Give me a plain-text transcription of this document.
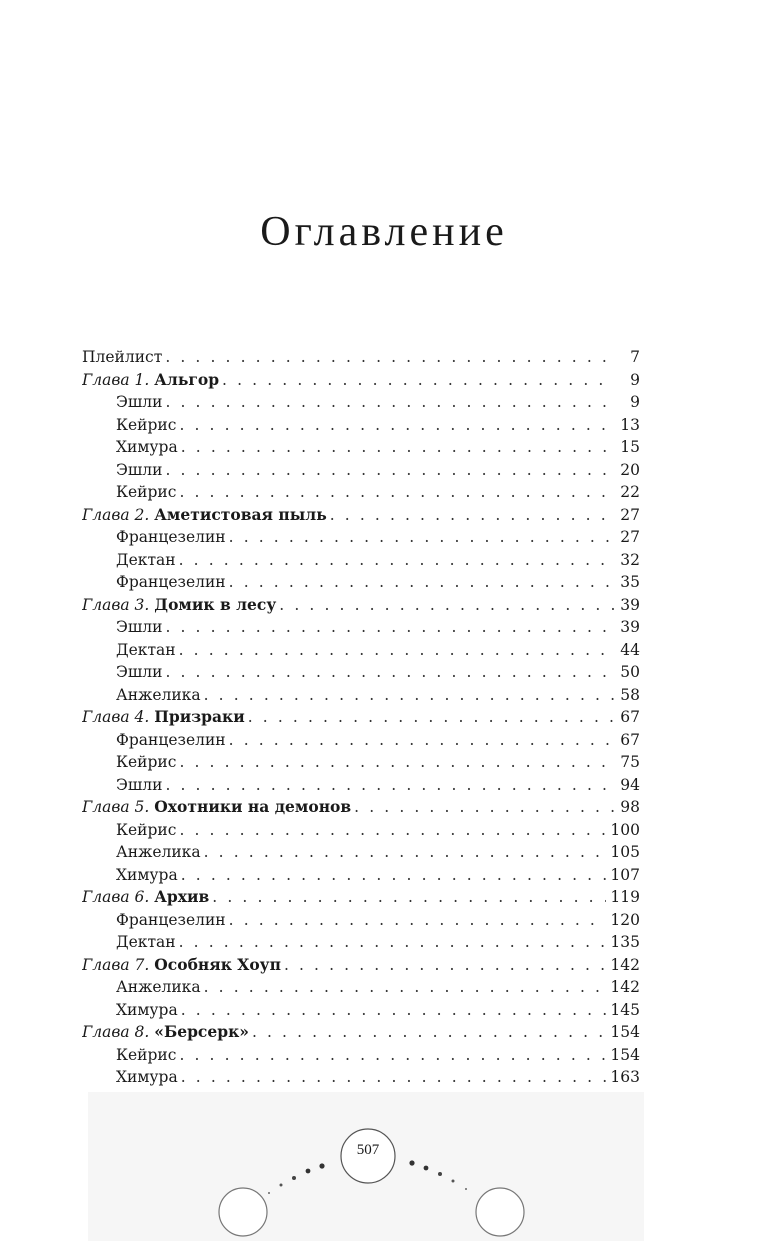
Оглавление
Плейлист . . .	7
Глава 1. Альгор . . .	9
Эшли . . .	9
Кейрис . . .	13
Химура . . .	15
Эшли . . .	20
Кейрис . . .	22
Глава 2. Аметистовая пыль . . .	27
Францезелин . . .	27
Дектан . . .	32
Францезелин . . .	35
Глава 3. Домик в лесу . . .	39
Эшли . . .	39
Дектан . . .	44
Эшли . . .	50
Анжелика . . .	58
Глава 4. Призраки . . .	67
Францезелин . . .	67
Кейрис . . .	75
Эшли . . .	94
Глава 5. Охотники на демонов . . .	98
Кейрис . . .	100
Анжелика . . .	105
Химура . . .	107
Глава 6. Архив . . .	119
Францезелин . . .	120
Дектан . . .	135
Глава 7. Особняк Хоуп . . .	142
Анжелика . . .	142
Химура . . .	145
Глава 8. «Берсерк» . . .	154
Кейрис . . .	154
Химура . . .	163
507
